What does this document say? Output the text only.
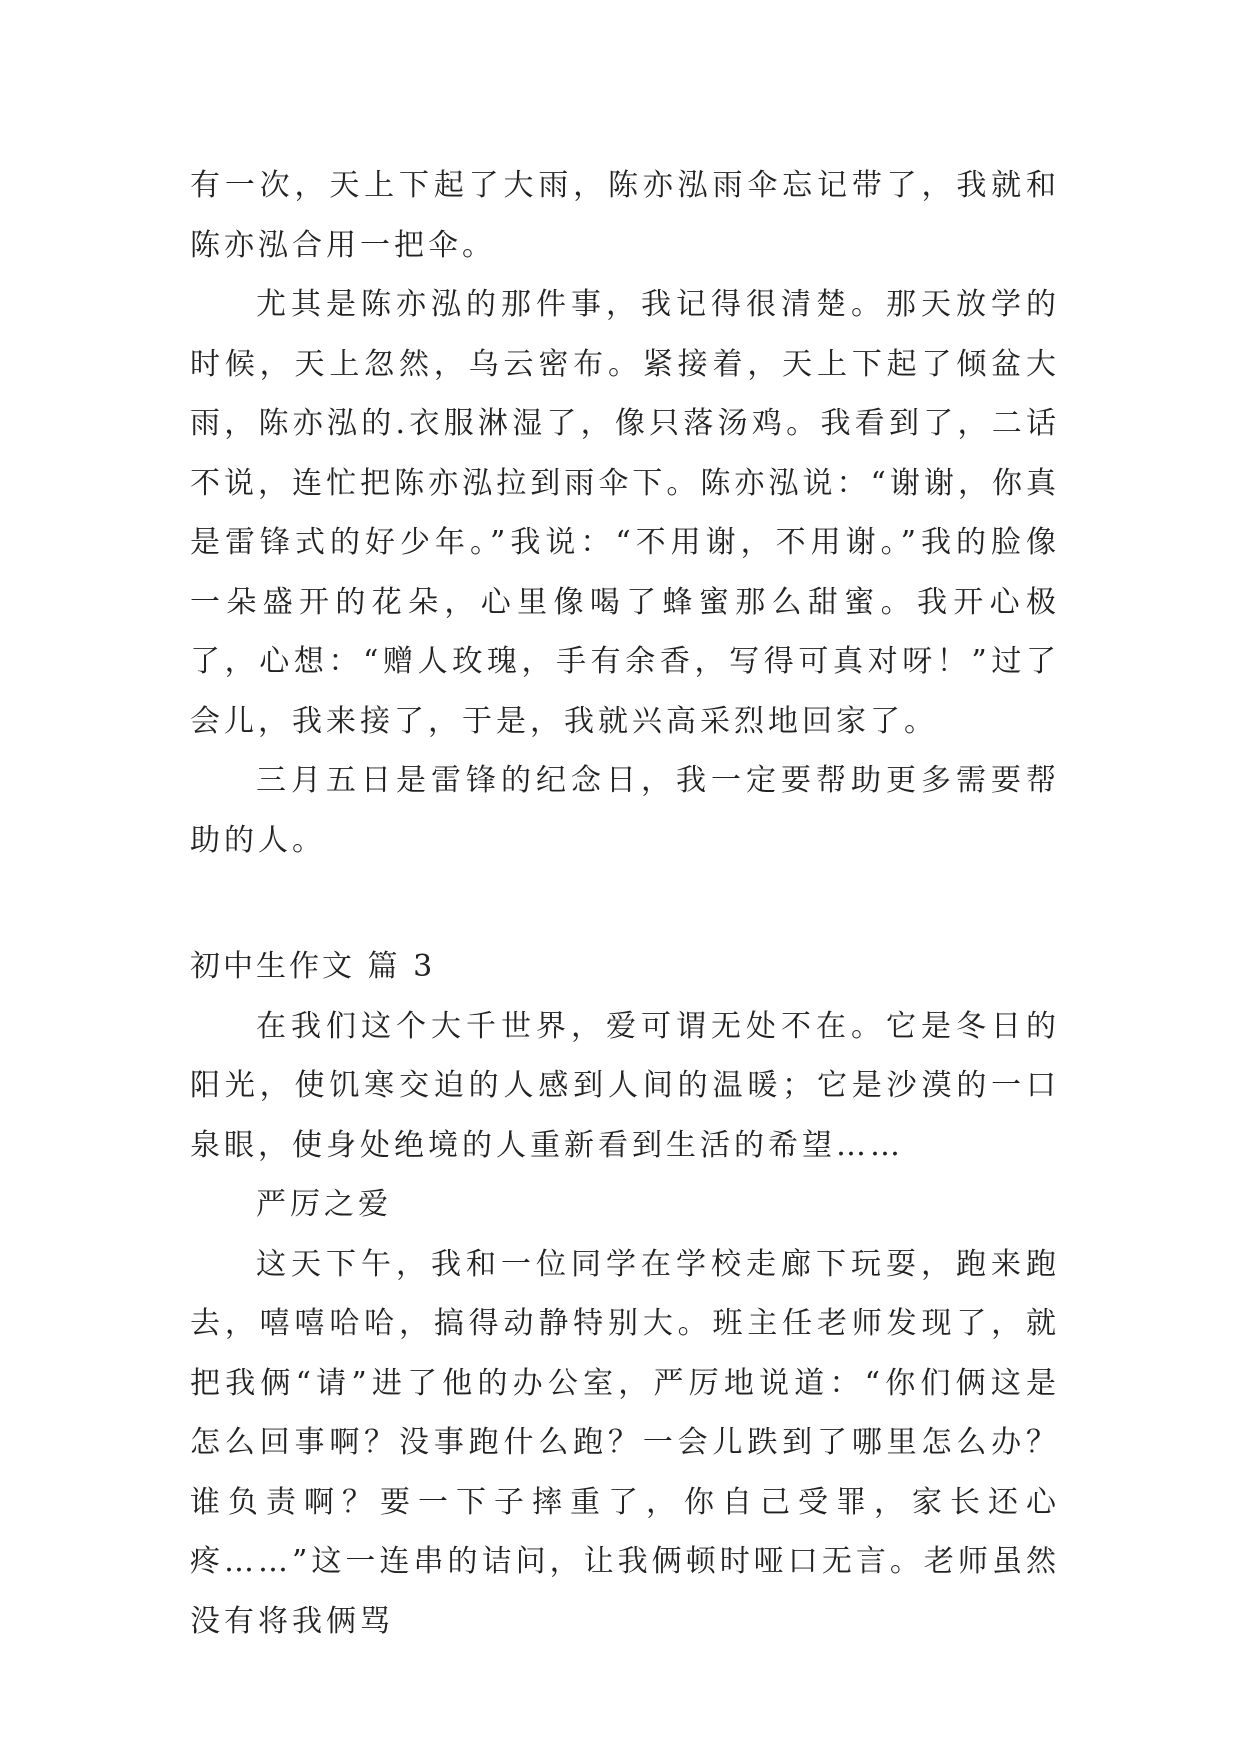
有一次，天上下起了大雨，陈亦泓雨伞忘记带了，我就和陈亦泓合用一把伞。

尤其是陈亦泓的那件事，我记得很清楚。那天放学的时候，天上忽然，乌云密布。紧接着，天上下起了倾盆大雨，陈亦泓的.衣服淋湿了，像只落汤鸡。我看到了，二话不说，连忙把陈亦泓拉到雨伞下。陈亦泓说：“谢谢，你真是雷锋式的好少年。”我说：“不用谢，不用谢。”我的脸像一朵盛开的花朵，心里像喝了蜂蜜那么甜蜜。我开心极了，心想：“赠人玫瑰，手有余香，写得可真对呀！”过了会儿，我来接了，于是，我就兴高采烈地回家了。

三月五日是雷锋的纪念日，我一定要帮助更多需要帮助的人。

初中生作文 篇 3

在我们这个大千世界，爱可谓无处不在。它是冬日的阳光，使饥寒交迫的人感到人间的温暖；它是沙漠的一口泉眼，使身处绝境的人重新看到生活的希望……

严厉之爱

这天下午，我和一位同学在学校走廊下玩耍，跑来跑去，嘻嘻哈哈，搞得动静特别大。班主任老师发现了，就把我俩“请”进了他的办公室，严厉地说道：“你们俩这是怎么回事啊？没事跑什么跑？一会儿跌到了哪里怎么办？谁负责啊？要一下子摔重了，你自己受罪，家长还心疼……”这一连串的诘问，让我俩顿时哑口无言。老师虽然没有将我俩骂
